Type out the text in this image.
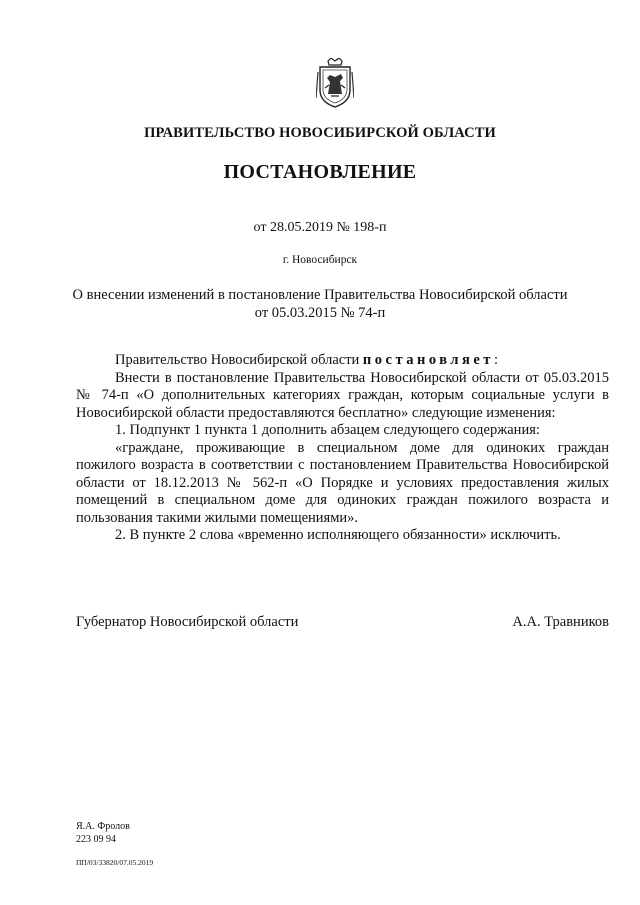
ПРАВИТЕЛЬСТВО НОВОСИБИРСКОЙ ОБЛАСТИ
ПОСТАНОВЛЕНИЕ
от 28.05.2019 № 198-п
г. Новосибирск
О внесении изменений в постановление Правительства Новосибирской области
от 05.03.2015 № 74-п

Правительство Новосибирской области постановляет:

Внести в постановление Правительства Новосибирской области от 05.03.2015 № 74-п «О дополнительных категориях граждан, которым социальные услуги в Новосибирской области предоставляются бесплатно» следующие изменения:

1. Подпункт 1 пункта 1 дополнить абзацем следующего содержания:

«граждане, проживающие в специальном доме для одиноких граждан пожилого возраста в соответствии с постановлением Правительства Новосибирской области от 18.12.2013 № 562-п «О Порядке и условиях предоставления жилых помещений в специальном доме для одиноких граждан пожилого возраста и пользования такими жилыми помещениями».

2. В пункте 2 слова «временно исполняющего обязанности» исключить.

Губернатор Новосибирской области	А.А. Травников
Я.А. Фролов
223 09 94
ПП/03/33820/07.05.2019
